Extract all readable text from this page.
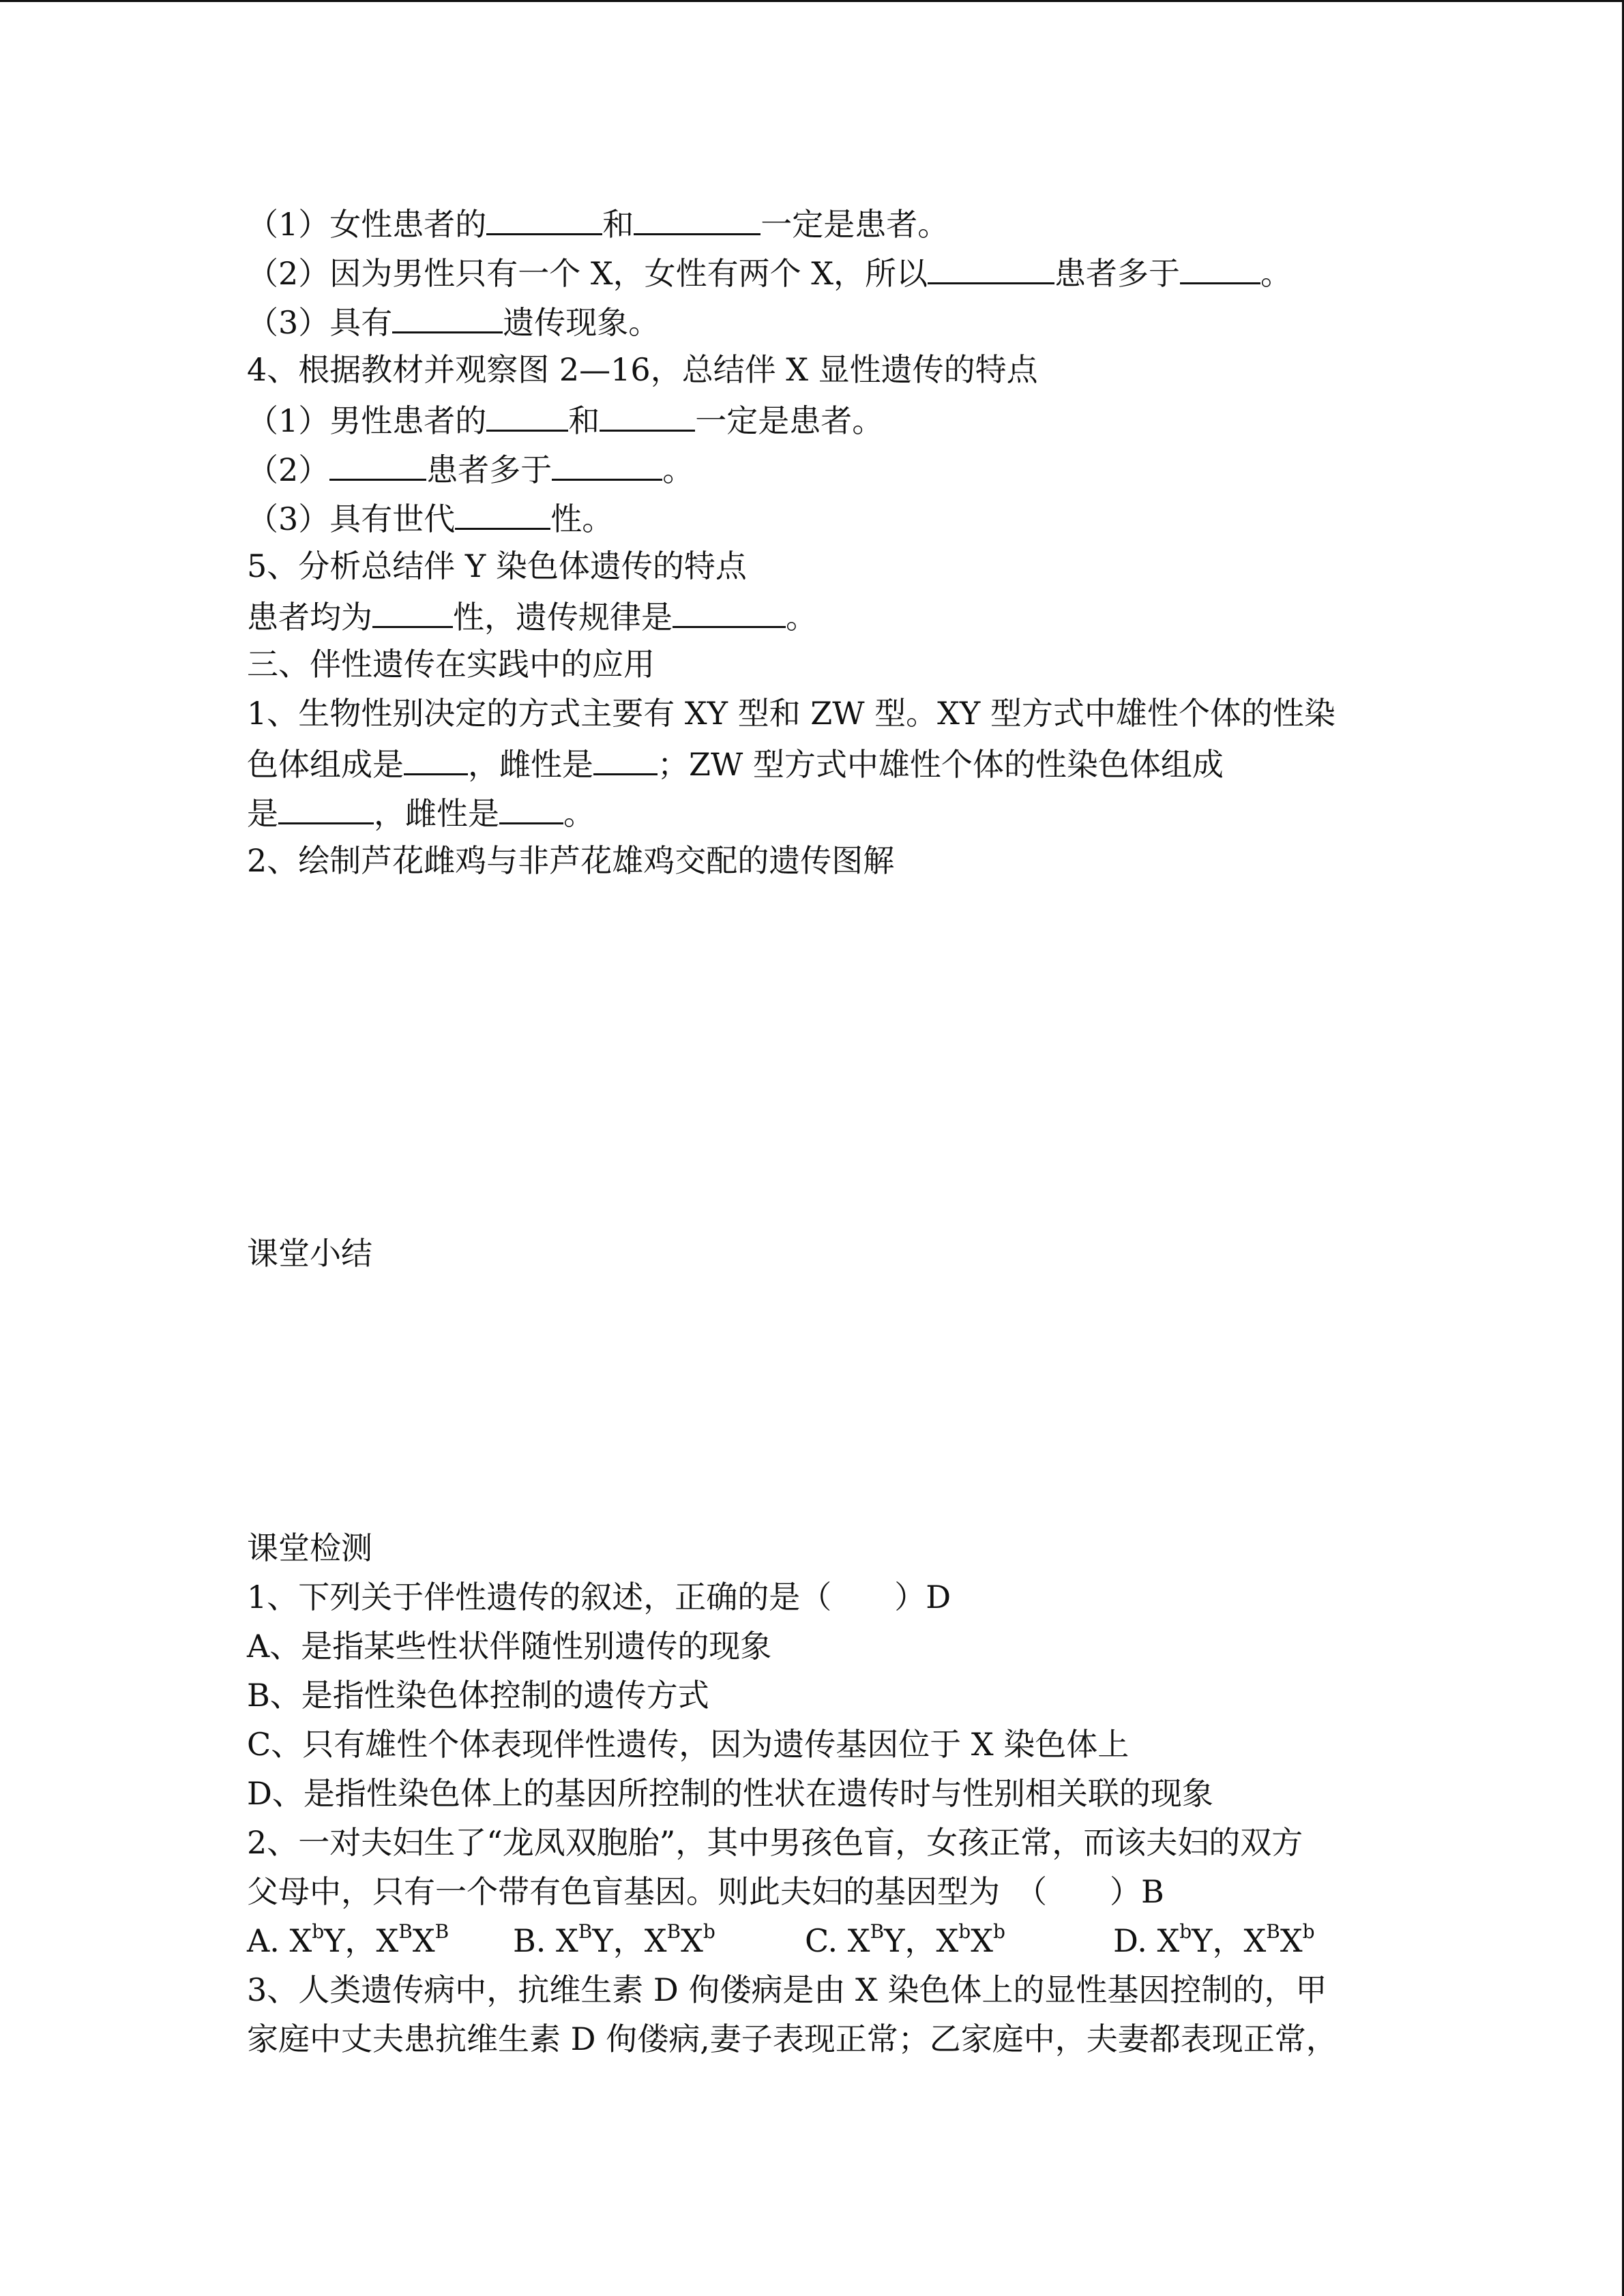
（1）女性患者的	和	一定是患者。
（2）因为男性只有一个 X，女性有两个 X，所以	患者多于	。
（3）具有	遗传现象。
4、根据教材并观察图 2—16，总结伴 X 显性遗传的特点
（1）男性患者的	和	一定是患者。
（2）	患者多于	。
（3）具有世代	性。
5、分析总结伴 Y 染色体遗传的特点
患者均为	性，遗传规律是	。
三、伴性遗传在实践中的应用
1、生物性别决定的方式主要有 XY 型和 ZW 型。XY 型方式中雄性个体的性染
色体组成是 ，雌性是 ；ZW 型方式中雄性个体的性染色体组成
是	，雌性是 。
2、绘制芦花雌鸡与非芦花雄鸡交配的遗传图解
课堂小结
课堂检测
1、下列关于伴性遗传的叙述，正确的是（　　）D
A、是指某些性状伴随性别遗传的现象
B、是指性染色体控制的遗传方式
C、只有雄性个体表现伴性遗传，因为遗传基因位于 X 染色体上
D、是指性染色体上的基因所控制的性状在遗传时与性别相关联的现象
2、一对夫妇生了“龙凤双胞胎”，其中男孩色盲，女孩正常，而该夫妇的双方
父母中，只有一个带有色盲基因。则此夫妇的基因型为　（　　）B
A. $X^bY$，$X^BX^B$	B. $X^BY$，$X^BX^b$	C. $X^BY$，$X^bX^b$	D. $X^bY$，$X^BX^b$
3、人类遗传病中，抗维生素 D 佝偻病是由 X 染色体上的显性基因控制的，甲
家庭中丈夫患抗维生素 D 佝偻病,妻子表现正常；乙家庭中，夫妻都表现正常，
